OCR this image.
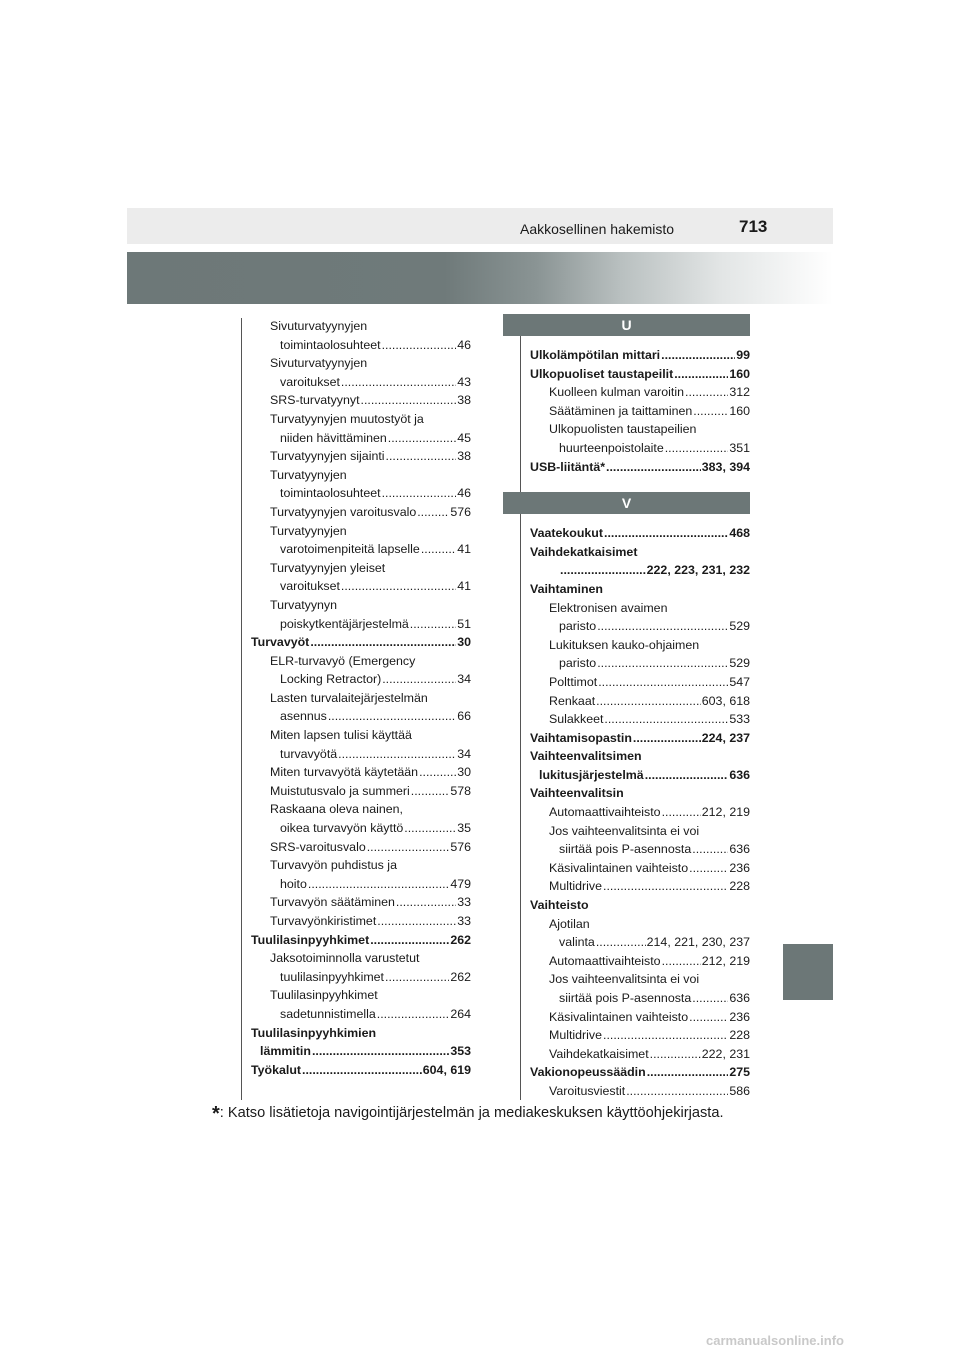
Aakkosellinen hakemisto	713
Sivuturvatyynyjen
toimintaolosuhteet .....	46
Sivuturvatyynyjen
varoitukset .....	43
SRS-turvatyynyt .....	38
Turvatyynyjen muutostyöt ja
niiden hävittäminen .....	45
Turvatyynyjen sijainti .....	38
Turvatyynyjen
toimintaolosuhteet .....	46
Turvatyynyjen varoitusvalo .....	576
Turvatyynyjen
varotoimenpiteitä lapselle .....	41
Turvatyynyjen yleiset
varoitukset .....	41
Turvatyynyn
poiskytkentäjärjestelmä .....	51
Turvavyöt .....	30
ELR-turvavyö (Emergency
Locking Retractor) .....	34
Lasten turvalaitejärjestelmän
asennus .....	66
Miten lapsen tulisi käyttää
turvavyötä .....	34
Miten turvavyötä käytetään .....	30
Muistutusvalo ja summeri .....	578
Raskaana oleva nainen,
oikea turvavyön käyttö .....	35
SRS-varoitusvalo .....	576
Turvavyön puhdistus ja
hoito .....	479
Turvavyön säätäminen .....	33
Turvavyönkiristimet .....	33
Tuulilasinpyyhkimet .....	262
Jaksotoiminnolla varustetut
tuulilasinpyyhkimet .....	262
Tuulilasinpyyhkimet
sadetunnistimella .....	264
Tuulilasinpyyhkimien
lämmitin .....	353
Työkalut .....	604, 619
U
Ulkolämpötilan mittari .....	99
Ulkopuoliset taustapeilit .....	160
Kuolleen kulman varoitin .....	312
Säätäminen ja taittaminen .....	160
Ulkopuolisten taustapeilien
huurteenpoistolaite .....	351
USB-liitäntä* .....	383, 394
V
Vaatekoukut .....	468
Vaihdekatkaisimet
.....
222, 223, 231, 232
Vaihtaminen
Elektronisen avaimen
paristo .....	529
Lukituksen kauko-ohjaimen
paristo .....	529
Polttimot .....	547
Renkaat .....	603, 618
Sulakkeet .....	533
Vaihtamisopastin .....	224, 237
Vaihteenvalitsimen
lukitusjärjestelmä .....	636
Vaihteenvalitsin
Automaattivaihteisto .....	212, 219
Jos vaihteenvalitsinta ei voi
siirtää pois P-asennosta .....	636
Käsivalintainen vaihteisto .....	236
Multidrive .....	228
Vaihteisto
Ajotilan
valinta .....	214, 221, 230, 237
Automaattivaihteisto .....	212, 219
Jos vaihteenvalitsinta ei voi
siirtää pois P-asennosta .....	636
Käsivalintainen vaihteisto .....	236
Multidrive .....	228
Vaihdekatkaisimet .....	222, 231
Vakionopeussäädin .....	275
Varoitusviestit .....	586
*: Katso lisätietoja navigointijärjestelmän ja mediakeskuksen käyttöohjekirjasta.
carmanualsonline.info
